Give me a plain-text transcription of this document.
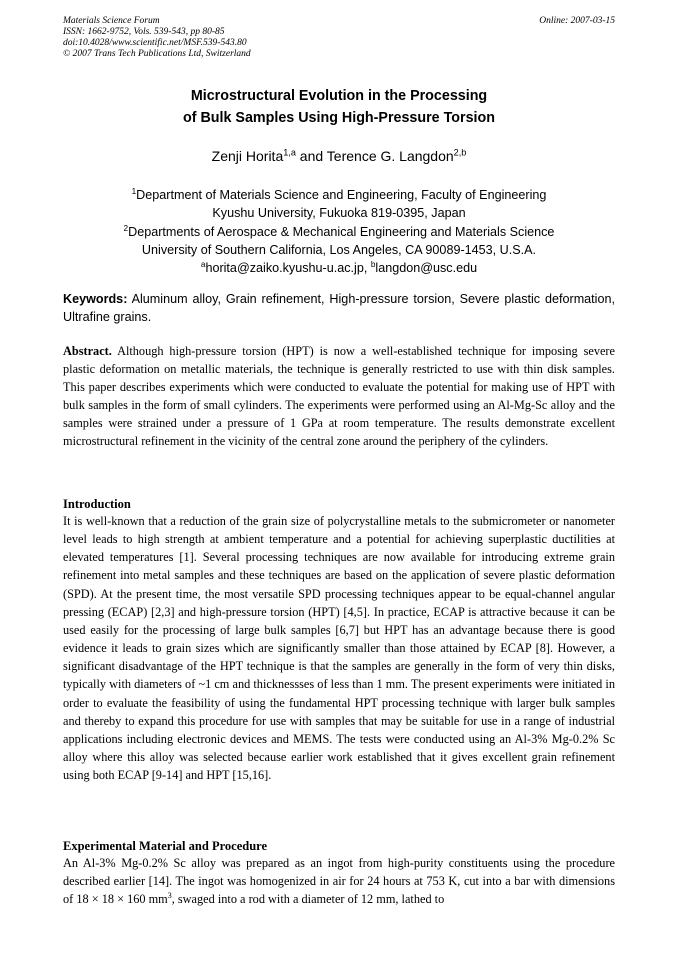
Materials Science Forum
ISSN: 1662-9752, Vols. 539-543, pp 80-85
doi:10.4028/www.scientific.net/MSF.539-543.80
© 2007 Trans Tech Publications Ltd, Switzerland
Online: 2007-03-15
Microstructural Evolution in the Processing
of Bulk Samples Using High-Pressure Torsion
Zenji Horita$^{1,a}$ and Terence G. Langdon$^{2,b}$
$^1$Department of Materials Science and Engineering, Faculty of Engineering
Kyushu University, Fukuoka 819-0395, Japan
$^2$Departments of Aerospace & Mechanical Engineering and Materials Science
University of Southern California, Los Angeles, CA 90089-1453, U.S.A.
$^a$horita@zaiko.kyushu-u.ac.jp, $^b$langdon@usc.edu
Keywords: Aluminum alloy, Grain refinement, High-pressure torsion, Severe plastic deformation, Ultrafine grains.
Abstract. Although high-pressure torsion (HPT) is now a well-established technique for imposing severe plastic deformation on metallic materials, the technique is generally restricted to use with thin disk samples. This paper describes experiments which were conducted to evaluate the potential for making use of HPT with bulk samples in the form of small cylinders. The experiments were performed using an Al-Mg-Sc alloy and the samples were strained under a pressure of 1 GPa at room temperature. The results demonstrate excellent microstructural refinement in the vicinity of the central zone around the periphery of the cylinders.
Introduction
It is well-known that a reduction of the grain size of polycrystalline metals to the submicrometer or nanometer level leads to high strength at ambient temperature and a potential for achieving superplastic ductilities at elevated temperatures [1]. Several processing techniques are now available for introducing extreme grain refinement into metal samples and these techniques are based on the application of severe plastic deformation (SPD). At the present time, the most versatile SPD processing techniques appear to be equal-channel angular pressing (ECAP) [2,3] and high-pressure torsion (HPT) [4,5]. In practice, ECAP is attractive because it can be used easily for the processing of large bulk samples [6,7] but HPT has an advantage because there is good evidence it leads to grain sizes which are significantly smaller than those attained by ECAP [8]. However, a significant disadvantage of the HPT technique is that the samples are generally in the form of very thin disks, typically with diameters of ~1 cm and thicknessses of less than 1 mm. The present experiments were initiated in order to evaluate the feasibility of using the fundamental HPT processing technique with larger bulk samples and thereby to expand this procedure for use with samples that may be suitable for use in a range of industrial applications including electronic devices and MEMS. The tests were conducted using an Al-3% Mg-0.2% Sc alloy where this alloy was selected because earlier work established that it gives excellent grain refinement using both ECAP [9-14] and HPT [15,16].
Experimental Material and Procedure
An Al-3% Mg-0.2% Sc alloy was prepared as an ingot from high-purity constituents using the procedure described earlier [14]. The ingot was homogenized in air for 24 hours at 753 K, cut into a bar with dimensions of 18 × 18 × 160 $mm^3$, swaged into a rod with a diameter of 12 mm, lathed to
